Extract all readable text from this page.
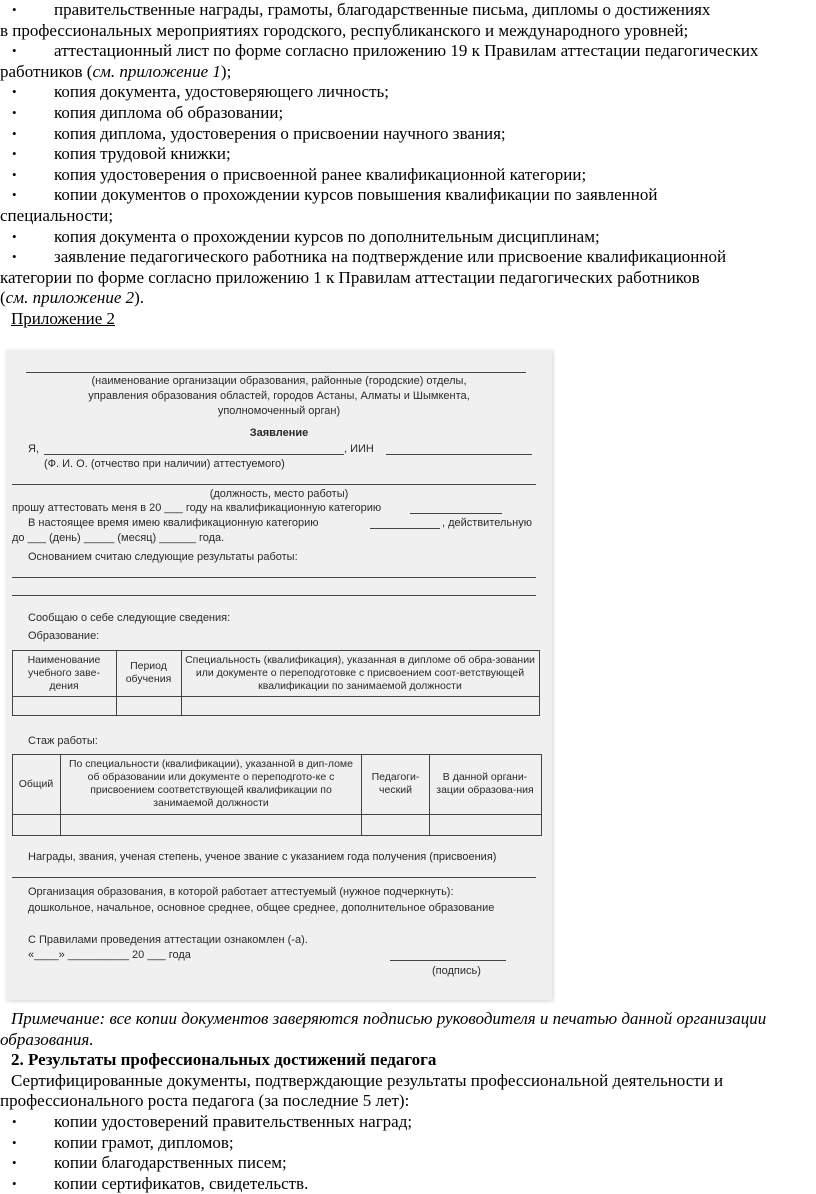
• правительственные награды, грамоты, благодарственные письма, дипломы о достижениях
в профессиональных мероприятиях городского, республиканского и международного уровней;
• аттестационный лист по форме согласно приложению 19 к Правилам аттестации педагогических
работников (см. приложение 1);
• копия документа, удостоверяющего личность;
• копия диплома об образовании;
• копия диплома, удостоверения о присвоении научного звания;
• копия трудовой книжки;
• копия удостоверения о присвоенной ранее квалификационной категории;
• копии документов о прохождении курсов повышения квалификации по заявленной
специальности;
• копия документа о прохождении курсов по дополнительным дисциплинам;
• заявление педагогического работника на подтверждение или присвоение квалификационной
категории по форме согласно приложению 1 к Правилам аттестации педагогических работников
(см. приложение 2).
Приложение 2
(наименование организации образования, районные (городские) отделы,
управления образования областей, городов Астаны, Алматы и Шымкента,
уполномоченный орган)
Заявление
Я,	, ИИН
(Ф. И. О. (отчество при наличии) аттестуемого)
(должность, место работы)
прошу аттестовать меня в 20 ___ году на квалификационную категорию
В настоящее время имею квалификационную категорию	, действительную
до ___ (день) _____ (месяц) ______ года.
Основанием считаю следующие результаты работы:
Сообщаю о себе следующие сведения:
Образование:
Наименование учебного заве-дения
Период обучения
Специальность (квалификация), указанная в дипломе об обра-зовании или документе о переподготовке с присвоением соот-ветствующей квалификации по занимаемой должности
Стаж работы:
Общий
По специальности (квалификации), указанной в дип-ломе об образовании или документе о переподгото-ке с присвоением соответствующей квалификации по занимаемой должности
Педагоги-ческий
В данной органи-зации образова-ния
Награды, звания, ученая степень, ученое звание с указанием года получения (присвоения)
Организация образования, в которой работает аттестуемый (нужное подчеркнуть):
дошкольное, начальное, основное среднее, общее среднее, дополнительное образование
С Правилами проведения аттестации ознакомлен (-а).
«____» __________ 20 ___ года
(подпись)
Примечание: все копии документов заверяются подписью руководителя и печатью данной организации
образования.
2. Результаты профессиональных достижений педагога
Сертифицированные документы, подтверждающие результаты профессиональной деятельности и
профессионального роста педагога (за последние 5 лет):
• копии удостоверений правительственных наград;
• копии грамот, дипломов;
• копии благодарственных писем;
• копии сертификатов, свидетельств.
